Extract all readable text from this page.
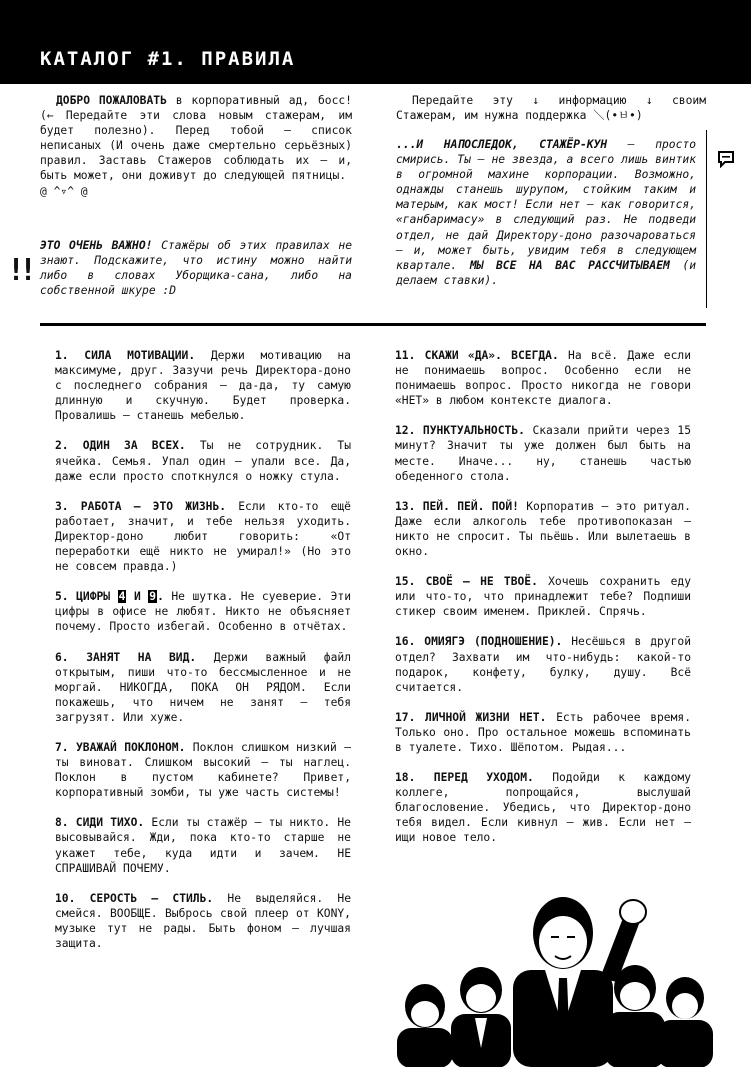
КАТАЛОГ #1. ПРАВИЛА
ДОБРО ПОЖАЛОВАТЬ в корпоративный ад, босс! (← Передайте эти слова новым стажерам, им будет полезно). Перед тобой – список неписаных (И очень даже смертельно серьёзных) правил. Заставь Стажеров соблюдать их – и, быть может, они доживут до следующей пятницы.
@ ^▿^ @
!!
ЭТО ОЧЕНЬ ВАЖНО! Стажёры об этих правилах не знают. Подскажите, что истину можно найти либо в словах Уборщика-сана, либо на собственной шкуре :D
Передайте эту ↓ информацию ↓ своим Стажерам, им нужна поддержка ＼(•ㅂ•)
...И НАПОСЛЕДОК, СТАЖЁР-КУН – просто смирись. Ты – не звезда, а всего лишь винтик в огромной махине корпорации. Возможно, однажды станешь шурупом, стойким таким и матерым, как мост! Если нет – как говорится, «ганбаримасу» в следующий раз. Не подведи отдел, не дай Директору-доно разочароваться – и, может быть, увидим тебя в следующем квартале. МЫ ВСЕ НА ВАС РАССЧИТЫВАЕМ (и делаем ставки).
1. СИЛА МОТИВАЦИИ. Держи мотивацию на максимуме, друг. Зазучи речь Директора-доно с последнего собрания – да-да, ту самую длинную и скучную. Будет проверка. Провалишь – станешь мебелью.
2. ОДИН ЗА ВСЕХ. Ты не сотрудник. Ты ячейка. Семья. Упал один – упали все. Да, даже если просто споткнулся о ножку стула.
3. РАБОТА – ЭТО ЖИЗНЬ. Если кто-то ещё работает, значит, и тебе нельзя уходить. Директор-доно любит говорить: «От переработки ещё никто не умирал!» (Но это не совсем правда.)
5. ЦИФРЫ 4 И 9. Не шутка. Не суеверие. Эти цифры в офисе не любят. Никто не объясняет почему. Просто избегай. Особенно в отчётах.
6. ЗАНЯТ НА ВИД. Держи важный файл открытым, пиши что-то бессмысленное и не моргай. НИКОГДА, ПОКА ОН РЯДОМ. Если покажешь, что ничем не занят – тебя загрузят. Или хуже.
7. УВАЖАЙ ПОКЛОНОМ. Поклон слишком низкий – ты виноват. Слишком высокий – ты наглец. Поклон в пустом кабинете? Привет, корпоративный зомби, ты уже часть системы!
8. СИДИ ТИХО. Если ты стажёр – ты никто. Не высовывайся. Жди, пока кто-то старше не укажет тебе, куда идти и зачем. НЕ СПРАШИВАЙ ПОЧЕМУ.
10. СЕРОСТЬ – СТИЛЬ. Не выделяйся. Не смейся. ВООБЩЕ. Выбрось свой плеер от KONY, музыке тут не рады. Быть фоном – лучшая защита.
11. СКАЖИ «ДА». ВСЕГДА. На всё. Даже если не понимаешь вопрос. Особенно если не понимаешь вопрос. Просто никогда не говори «НЕТ» в любом контексте диалога.
12. ПУНКТУАЛЬНОСТЬ. Сказали прийти через 15 минут? Значит ты уже должен был быть на месте. Иначе... ну, станешь частью обеденного стола.
13. ПЕЙ. ПЕЙ. ПОЙ! Корпоратив – это ритуал. Даже если алкоголь тебе противопоказан – никто не спросит. Ты пьёшь. Или вылетаешь в окно.
15. СВОЁ – НЕ ТВОЁ. Хочешь сохранить еду или что-то, что принадлежит тебе? Подпиши стикер своим именем. Приклей. Спрячь.
16. ОМИЯГЭ (ПОДНОШЕНИЕ). Несёшься в другой отдел? Захвати им что-нибудь: какой-то подарок, конфету, булку, душу. Всё считается.
17. ЛИЧНОЙ ЖИЗНИ НЕТ. Есть рабочее время. Только оно. Про остальное можешь вспоминать в туалете. Тихо. Шёпотом. Рыдая...
18. ПЕРЕД УХОДОМ. Подойди к каждому коллеге, попрощайся, выслушай благословение. Убедись, что Директор-доно тебя видел. Если кивнул – жив. Если нет – ищи новое тело.
